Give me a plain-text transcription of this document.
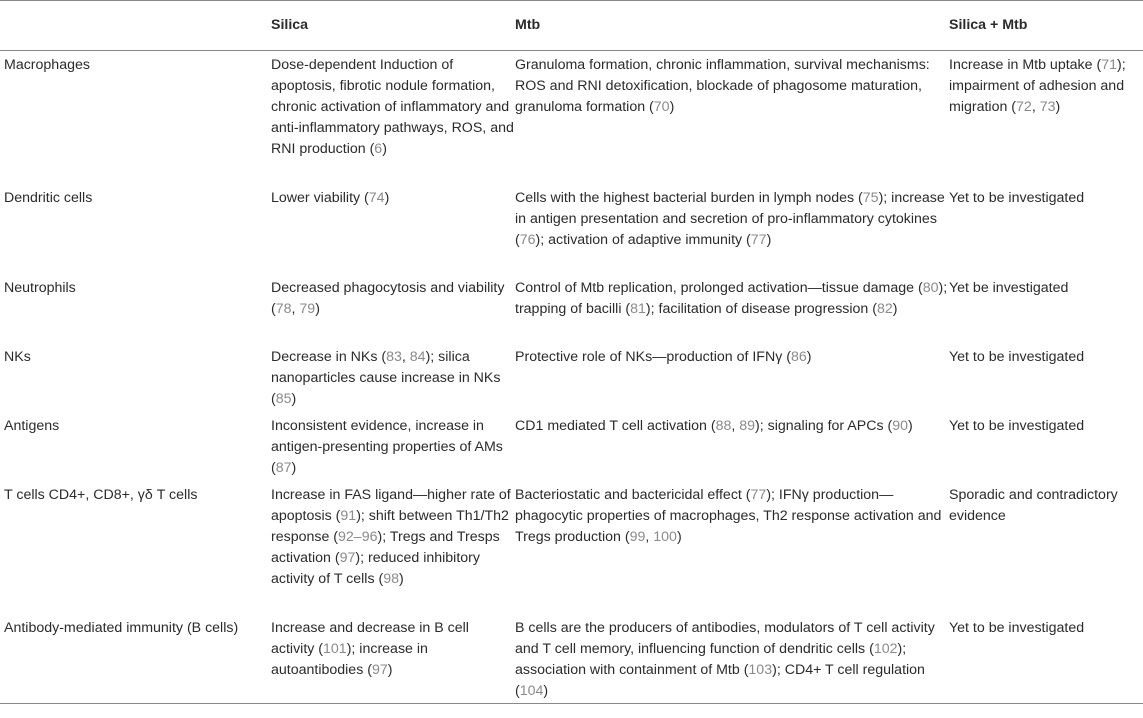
	Silica	Mtb	Silica + Mtb
Macrophages	Dose-dependent Induction of apoptosis, fibrotic nodule formation, chronic activation of inflammatory and anti-inflammatory pathways, ROS, and RNI production (6)	Granuloma formation, chronic inflammation, survival mechanisms: ROS and RNI detoxification, blockade of phagosome maturation, granuloma formation (70)	Increase in Mtb uptake (71); impairment of adhesion and migration (72, 73)
Dendritic cells	Lower viability (74)	Cells with the highest bacterial burden in lymph nodes (75); increase in antigen presentation and secretion of pro-inflammatory cytokines (76); activation of adaptive immunity (77)	Yet to be investigated
Neutrophils	Decreased phagocytosis and viability (78, 79)	Control of Mtb replication, prolonged activation—tissue damage (80); trapping of bacilli (81); facilitation of disease progression (82)	Yet be investigated
NKs	Decrease in NKs (83, 84); silica nanoparticles cause increase in NKs (85)	Protective role of NKs—production of IFNγ (86)	Yet to be investigated
Antigens	Inconsistent evidence, increase in antigen-presenting properties of AMs (87)	CD1 mediated T cell activation (88, 89); signaling for APCs (90)	Yet to be investigated
T cells CD4+, CD8+, γδ T cells	Increase in FAS ligand—higher rate of apoptosis (91); shift between Th1/Th2 response (92–96); Tregs and Tresps activation (97); reduced inhibitory activity of T cells (98)	Bacteriostatic and bactericidal effect (77); IFNγ production—phagocytic properties of macrophages, Th2 response activation and Tregs production (99, 100)	Sporadic and contradictory evidence
Antibody-mediated immunity (B cells)	Increase and decrease in B cell activity (101); increase in autoantibodies (97)	B cells are the producers of antibodies, modulators of T cell activity and T cell memory, influencing function of dendritic cells (102); association with containment of Mtb (103); CD4+ T cell regulation (104)	Yet to be investigated
